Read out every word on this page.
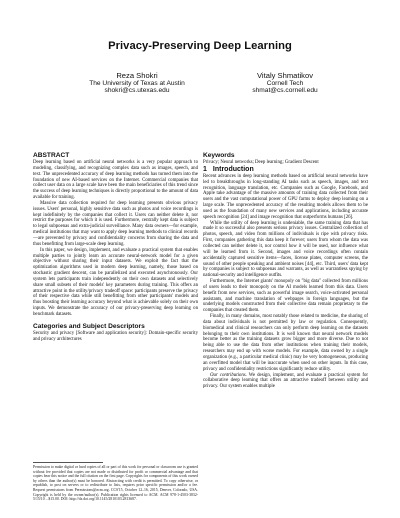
Privacy-Preserving Deep Learning
Reza Shokri
The University of Texas at Austin
shokri@cs.utexas.edu
Vitaly Shmatikov
Cornell Tech
shmat@cs.cornell.edu
ABSTRACT

Deep learning based on artificial neural networks is a very popular approach to modeling, classifying, and recognizing complex data such as images, speech, and text. The unprecedented accuracy of deep learning methods has turned them into the foundation of new AI-based services on the Internet. Commercial companies that collect user data on a large scale have been the main beneficiaries of this trend since the success of deep learning techniques is directly proportional to the amount of data available for training.

Massive data collection required for deep learning presents obvious privacy issues. Users' personal, highly sensitive data such as photos and voice recordings is kept indefinitely by the companies that collect it. Users can neither delete it, nor restrict the purposes for which it is used. Furthermore, centrally kept data is subject to legal subpoenas and extra-judicial surveillance. Many data owners—for example, medical institutions that may want to apply deep learning methods to clinical records—are prevented by privacy and confidentiality concerns from sharing the data and thus benefitting from large-scale deep learning.

In this paper, we design, implement, and evaluate a practical system that enables multiple parties to jointly learn an accurate neural-network model for a given objective without sharing their input datasets. We exploit the fact that the optimization algorithms used in modern deep learning, namely, those based on stochastic gradient descent, can be parallelized and executed asynchronously. Our system lets participants train independently on their own datasets and selectively share small subsets of their models' key parameters during training. This offers an attractive point in the utility/privacy tradeoff space: participants preserve the privacy of their respective data while still benefitting from other participants' models and thus boosting their learning accuracy beyond what is achievable solely on their own inputs. We demonstrate the accuracy of our privacy-preserving deep learning on benchmark datasets.

Categories and Subject Descriptors

Security and privacy [Software and application security]: Domain-specific security and privacy architectures

Permission to make digital or hard copies of all or part of this work for personal or classroom use is granted without fee provided that copies are not made or distributed for profit or commercial advantage and that copies bear this notice and the full citation on the first page. Copyrights for components of this work owned by others than the author(s) must be honored. Abstracting with credit is permitted. To copy otherwise, or republish, to post on servers or to redistribute to lists, requires prior specific permission and/or a fee. Request permissions from Permissions@acm.org. CCS'15, October 12–16, 2015, Denver, Colorado, USA. Copyright is held by the owner/author(s). Publication rights licensed to ACM. ACM 978-1-4503-3832-5/15/10 ...$15.00. DOI: http://dx.doi.org/10.1145/2810103.2813687.

Keywords

Privacy; Neural networks; Deep learning; Gradient Descent

1 Introduction

Recent advances in deep learning methods based on artificial neural networks have led to breakthroughs in long-standing AI tasks such as speech, images, and text recognition, language translation, etc. Companies such as Google, Facebook, and Apple take advantage of the massive amounts of training data collected from their users and the vast computational power of GPU farms to deploy deep learning on a large scale. The unprecedented accuracy of the resulting models allows them to be used as the foundation of many new services and applications, including accurate speech recognition [24] and image recognition that outperforms humans [26].

While the utility of deep learning is undeniable, the same training data that has made it so successful also presents serious privacy issues. Centralized collection of photos, speech, and video from millions of individuals is ripe with privacy risks. First, companies gathering this data keep it forever; users from whom the data was collected can neither delete it, nor control how it will be used, nor influence what will be learned from it. Second, images and voice recordings often contain accidentally captured sensitive items—faces, license plates, computer screens, the sound of other people speaking and ambient noises [44], etc. Third, users' data kept by companies is subject to subpoenas and warrants, as well as warrantless spying by national-security and intelligence outfits.

Furthermore, the Internet giants' monopoly on "big data" collected from millions of users leads to their monopoly on the AI models learned from this data. Users benefit from new services, such as powerful image search, voice-activated personal assistants, and machine translation of webpages in foreign languages, but the underlying models constructed from their collective data remain proprietary to the companies that created them.

Finally, in many domains, most notably those related to medicine, the sharing of data about individuals is not permitted by law or regulation. Consequently, biomedical and clinical researchers can only perform deep learning on the datasets belonging to their own institutions. It is well known that neural network models become better as the training datasets grow bigger and more diverse. Due to not being able to use the data from other institutions when training their models, researchers may end up with worse models. For example, data owned by a single organization (e.g., a particular medical clinic) may be very homogeneous, producing an overfitted model that will be inaccurate when used on other inputs. In this case, privacy and confidentiality restrictions significantly reduce utility.

Our contributions. We design, implement, and evaluate a practical system for collaborative deep learning that offers an attractive tradeoff between utility and privacy. Our system enables multiple
